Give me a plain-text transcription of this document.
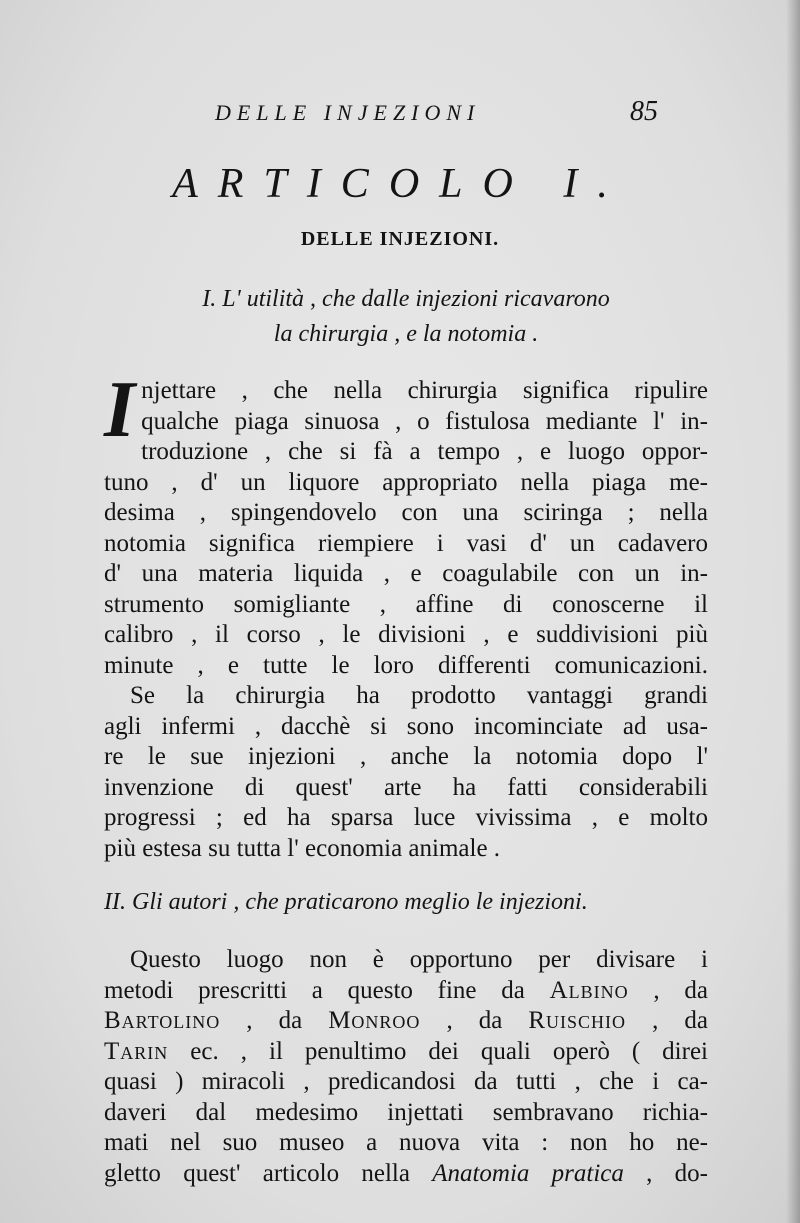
DELLE INJEZIONI	85
ARTICOLO I.
DELLE INJEZIONI.
I. L' utilità , che dalle injezioni ricavarono
la chirurgia , e la notomia .
I njettare , che nella chirurgia significa ripulire
qualche piaga sinuosa , o fistulosa mediante l' in-
troduzione , che si fà a tempo , e luogo oppor-
tuno , d' un liquore appropriato nella piaga me-
desima , spingendovelo con una sciringa ; nella
notomia significa riempiere i vasi d' un cadavero
d' una materia liquida , e coagulabile con un in-
strumento somigliante , affine di conoscerne il
calibro , il corso , le divisioni , e suddivisioni più
minute , e tutte le loro differenti comunicazioni.
Se la chirurgia ha prodotto vantaggi grandi
agli infermi , dacchè si sono incominciate ad usa-
re le sue injezioni , anche la notomia dopo l'
invenzione di quest' arte ha fatti considerabili
progressi ; ed ha sparsa luce vivissima , e molto
più estesa su tutta l' economia animale .
II. Gli autori , che praticarono meglio le injezioni.
Questo luogo non è opportuno per divisare i
metodi prescritti a questo fine da Albino , da
Bartolino , da Monroo , da Ruischio , da
Tarin ec. , il penultimo dei quali operò ( direi
quasi ) miracoli , predicandosi da tutti , che i ca-
daveri dal medesimo injettati sembravano richia-
mati nel suo museo a nuova vita : non ho ne-
gletto quest' articolo nella Anatomia pratica , do-
